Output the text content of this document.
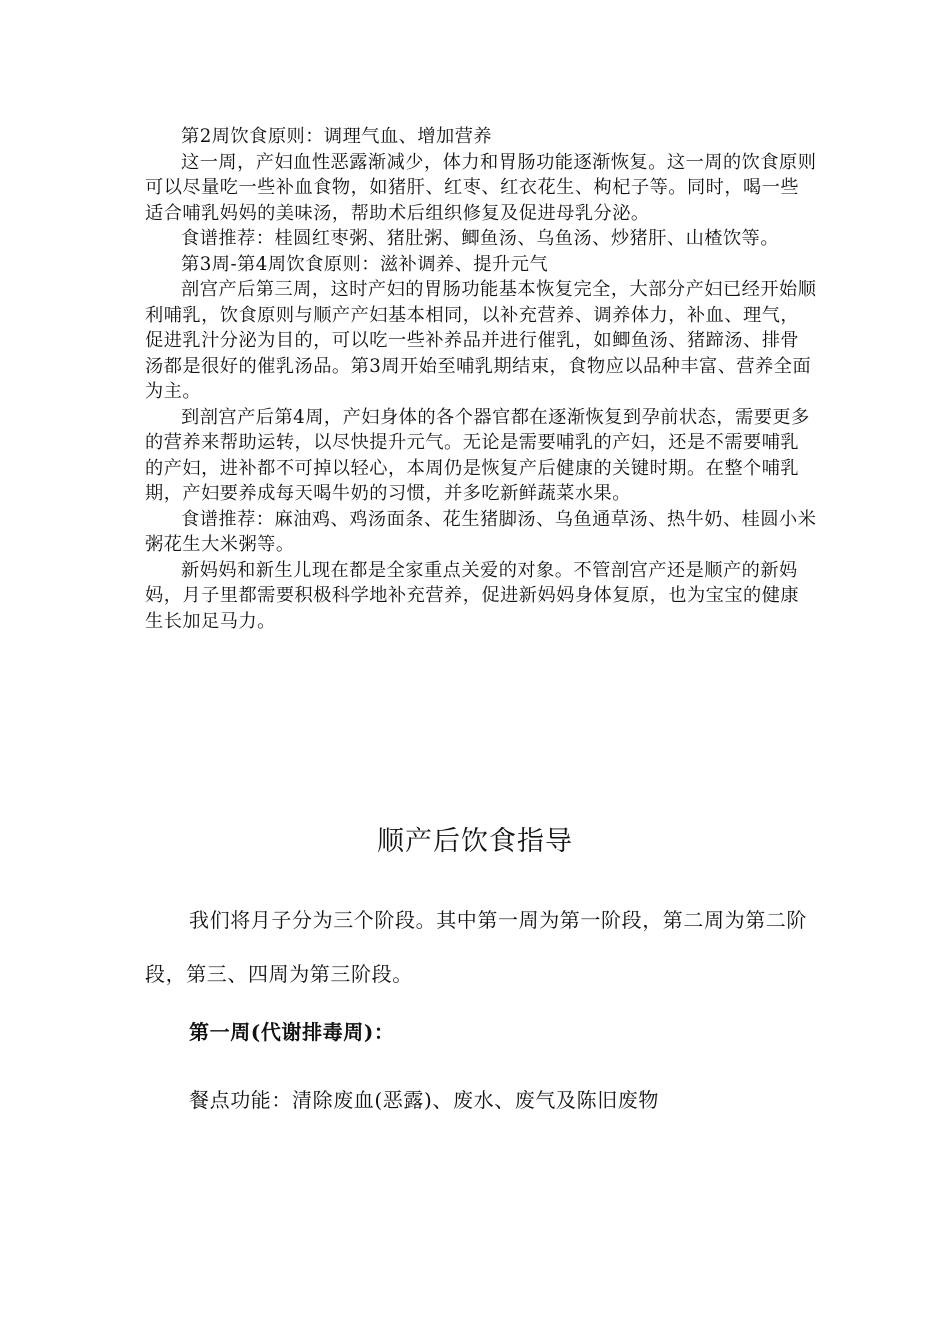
第2周饮食原则：调理气血、增加营养

这一周，产妇血性恶露渐减少，体力和胃肠功能逐渐恢复。这一周的饮食原则可以尽量吃一些补血食物，如猪肝、红枣、红衣花生、枸杞子等。同时，喝一些适合哺乳妈妈的美味汤，帮助术后组织修复及促进母乳分泌。

食谱推荐：桂圆红枣粥、猪肚粥、鲫鱼汤、乌鱼汤、炒猪肝、山楂饮等。

第3周-第4周饮食原则：滋补调养、提升元气

剖宫产后第三周，这时产妇的胃肠功能基本恢复完全，大部分产妇已经开始顺利哺乳，饮食原则与顺产产妇基本相同，以补充营养、调养体力，补血、理气，促进乳汁分泌为目的，可以吃一些补养品并进行催乳，如鲫鱼汤、猪蹄汤、排骨汤都是很好的催乳汤品。第3周开始至哺乳期结束，食物应以品种丰富、营养全面为主。

到剖宫产后第4周，产妇身体的各个器官都在逐渐恢复到孕前状态，需要更多的营养来帮助运转，以尽快提升元气。无论是需要哺乳的产妇，还是不需要哺乳的产妇，进补都不可掉以轻心，本周仍是恢复产后健康的关键时期。在整个哺乳期，产妇要养成每天喝牛奶的习惯，并多吃新鲜蔬菜水果。

食谱推荐：麻油鸡、鸡汤面条、花生猪脚汤、乌鱼通草汤、热牛奶、桂圆小米粥花生大米粥等。

新妈妈和新生儿现在都是全家重点关爱的对象。不管剖宫产还是顺产的新妈妈，月子里都需要积极科学地补充营养，促进新妈妈身体复原，也为宝宝的健康生长加足马力。

顺产后饮食指导

我们将月子分为三个阶段。其中第一周为第一阶段，第二周为第二阶段，第三、四周为第三阶段。

第一周(代谢排毒周)：

餐点功能：清除废血(恶露)、废水、废气及陈旧废物
